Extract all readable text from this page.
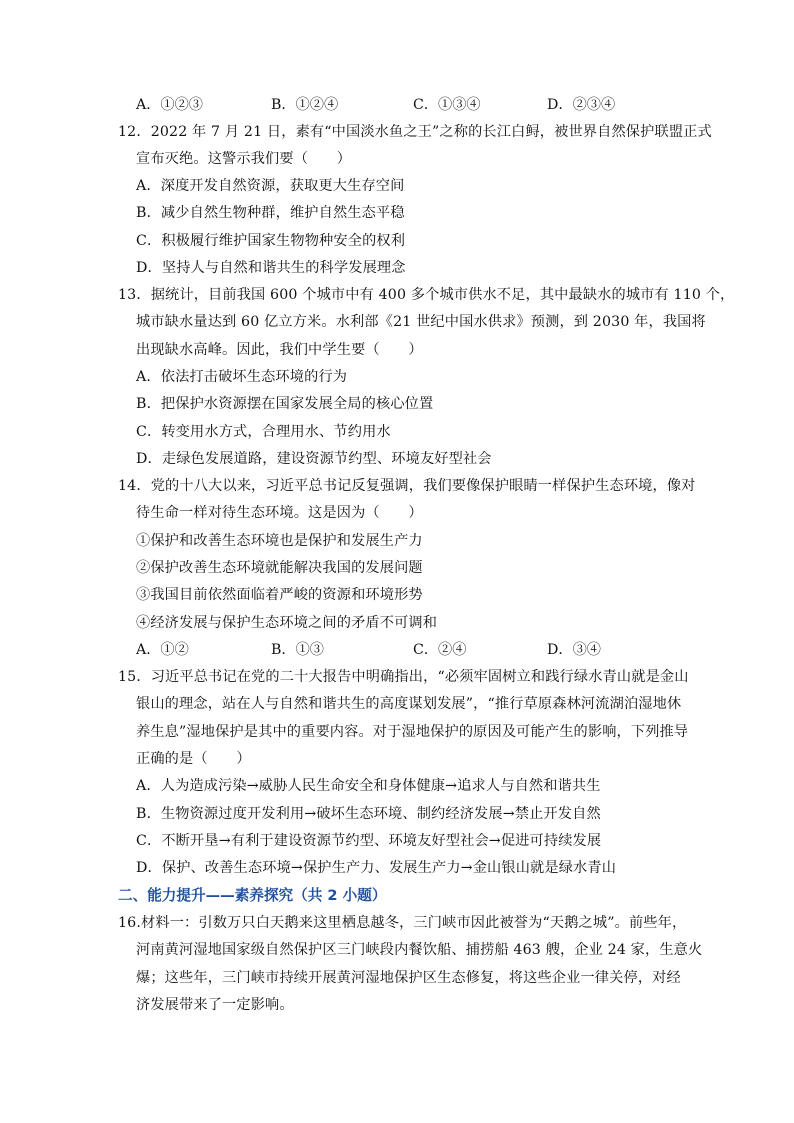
A．①②③	B．①②④	C．①③④	D．②③④
12．2022 年 7 月 21 日，素有“中国淡水鱼之王”之称的长江白鲟，被世界自然保护联盟正式
宣布灭绝。这警示我们要（　　）
A．深度开发自然资源，获取更大生存空间
B．减少自然生物种群，维护自然生态平稳
C．积极履行维护国家生物物种安全的权利
D．坚持人与自然和谐共生的科学发展理念
13．据统计，目前我国 600 个城市中有 400 多个城市供水不足，其中最缺水的城市有 110 个，
城市缺水量达到 60 亿立方米。水利部《21 世纪中国水供求》预测，到 2030 年，我国将
出现缺水高峰。因此，我们中学生要（　　）
A．依法打击破坏生态环境的行为
B．把保护水资源摆在国家发展全局的核心位置
C．转变用水方式，合理用水、节约用水
D．走绿色发展道路，建设资源节约型、环境友好型社会
14．党的十八大以来，习近平总书记反复强调，我们要像保护眼睛一样保护生态环境，像对
待生命一样对待生态环境。这是因为（　　）
①保护和改善生态环境也是保护和发展生产力
②保护改善生态环境就能解决我国的发展问题
③我国目前依然面临着严峻的资源和环境形势
④经济发展与保护生态环境之间的矛盾不可调和
A．①②	B．①③	C．②④	D．③④
15．习近平总书记在党的二十大报告中明确指出，“必须牢固树立和践行绿水青山就是金山
银山的理念，站在人与自然和谐共生的高度谋划发展”，“推行草原森林河流湖泊湿地休
养生息”湿地保护是其中的重要内容。对于湿地保护的原因及可能产生的影响，下列推导
正确的是（　　）
A．人为造成污染→威胁人民生命安全和身体健康→追求人与自然和谐共生
B．生物资源过度开发利用→破坏生态环境、制约经济发展→禁止开发自然
C．不断开垦→有利于建设资源节约型、环境友好型社会→促进可持续发展
D．保护、改善生态环境→保护生产力、发展生产力→金山银山就是绿水青山
二、能力提升——素养探究（共 2 小题）
16.材料一：引数万只白天鹅来这里栖息越冬，三门峡市因此被誉为“天鹅之城”。前些年，
河南黄河湿地国家级自然保护区三门峡段内餐饮船、捕捞船 463 艘，企业 24 家，生意火
爆；这些年，三门峡市持续开展黄河湿地保护区生态修复，将这些企业一律关停，对经
济发展带来了一定影响。
